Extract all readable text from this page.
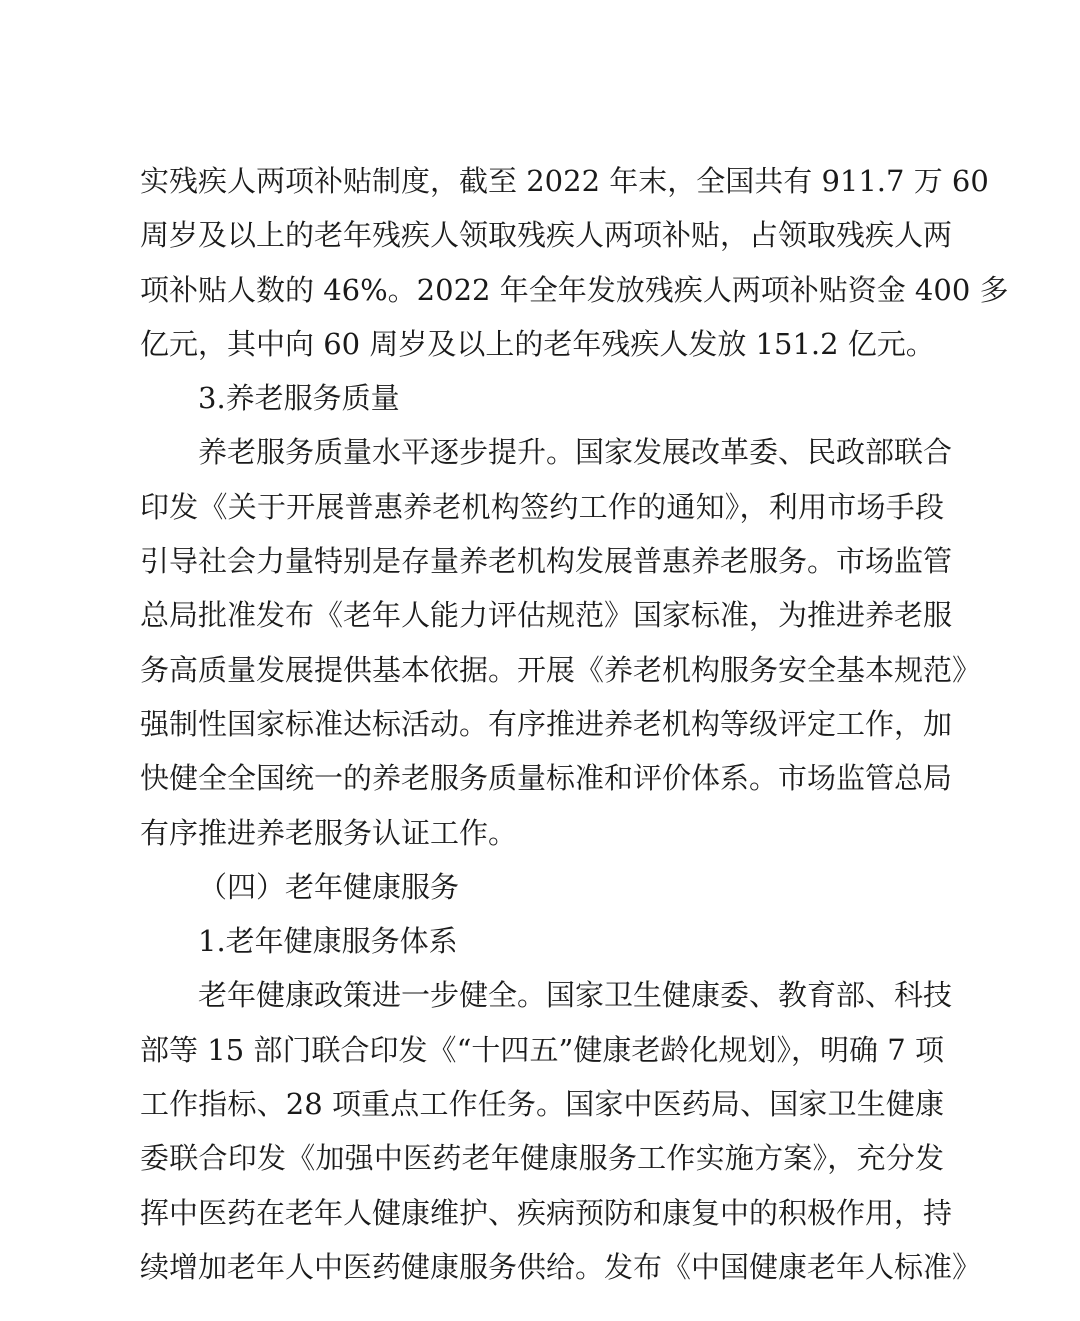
实残疾人两项补贴制度，截至 2022 年末，全国共有 911.7 万 60
周岁及以上的老年残疾人领取残疾人两项补贴，占领取残疾人两
项补贴人数的 46%。2022 年全年发放残疾人两项补贴资金 400 多
亿元，其中向 60 周岁及以上的老年残疾人发放 151.2 亿元。
3.养老服务质量
养老服务质量水平逐步提升。国家发展改革委、民政部联合
印发《关于开展普惠养老机构签约工作的通知》，利用市场手段
引导社会力量特别是存量养老机构发展普惠养老服务。市场监管
总局批准发布《老年人能力评估规范》国家标准，为推进养老服
务高质量发展提供基本依据。开展《养老机构服务安全基本规范》
强制性国家标准达标活动。有序推进养老机构等级评定工作，加
快健全全国统一的养老服务质量标准和评价体系。市场监管总局
有序推进养老服务认证工作。
（四）老年健康服务
1.老年健康服务体系
老年健康政策进一步健全。国家卫生健康委、教育部、科技
部等 15 部门联合印发《“十四五”健康老龄化规划》，明确 7 项
工作指标、28 项重点工作任务。国家中医药局、国家卫生健康
委联合印发《加强中医药老年健康服务工作实施方案》，充分发
挥中医药在老年人健康维护、疾病预防和康复中的积极作用，持
续增加老年人中医药健康服务供给。发布《中国健康老年人标准》
